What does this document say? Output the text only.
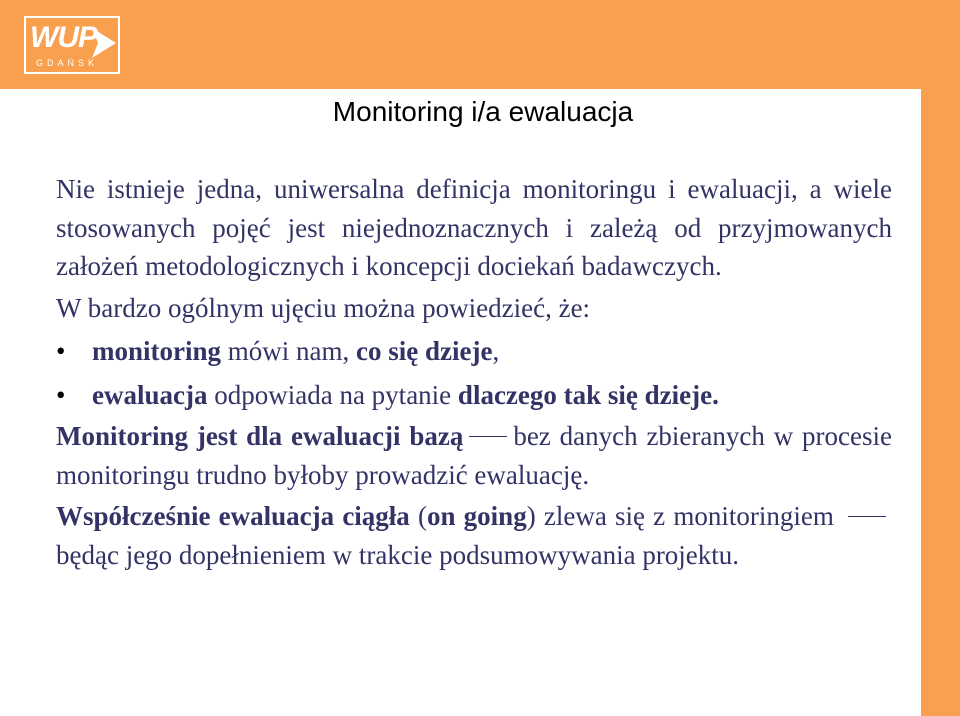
WUP
GDAŃSK
Monitoring i/a ewaluacja
Nie istnieje jedna, uniwersalna definicja monitoringu i ewaluacji, a wiele stosowanych pojęć jest niejednoznacznych i zależą od przyjmowanych założeń metodologicznych i koncepcji dociekań badawczych.
W bardzo ogólnym ujęciu można powiedzieć, że:
• monitoring mówi nam, co się dzieje,
• ewaluacja odpowiada na pytanie dlaczego tak się dzieje.
Monitoring jest dla ewaluacji bazą bez danych zbieranych w procesie monitoringu trudno byłoby prowadzić ewaluację.
Współcześnie ewaluacja ciągła (on going) zlewa się z monitoringiem będąc jego dopełnieniem w trakcie podsumowywania projektu.
